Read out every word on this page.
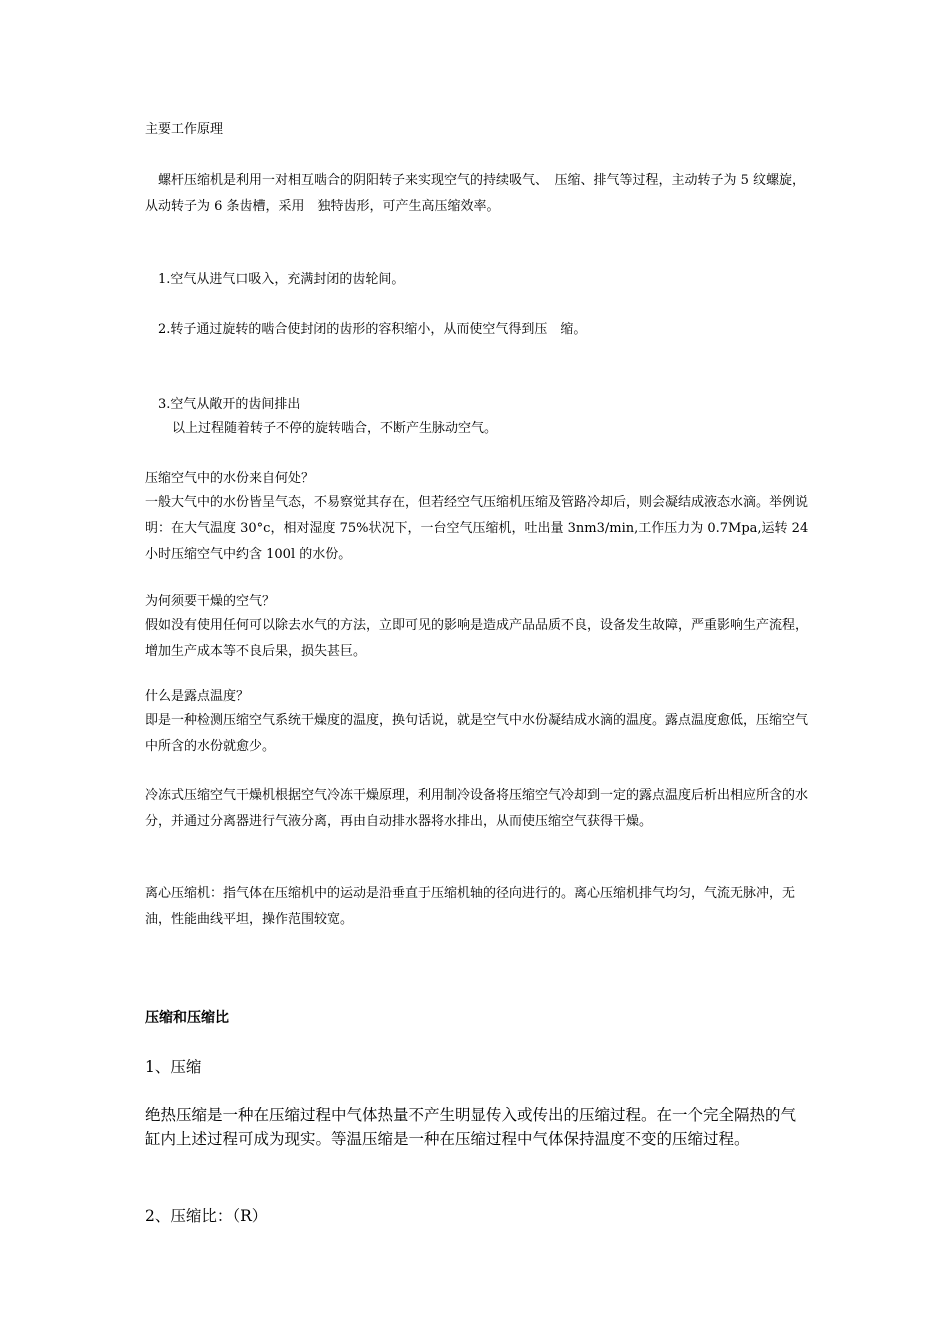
主要工作原理

螺杆压缩机是利用一对相互啮合的阴阳转子来实现空气的持续吸气、　压缩、排气等过程，主动转子为 5 纹螺旋，从动转子为 6 条齿槽，采用　独特齿形，可产生高压缩效率。

1.空气从进气口吸入，充满封闭的齿轮间。

2.转子通过旋转的啮合使封闭的齿形的容积缩小，从而使空气得到压　缩。

3.空气从敞开的齿间排出

以上过程随着转子不停的旋转啮合，不断产生脉动空气。

压缩空气中的水份来自何处？

一般大气中的水份皆呈气态，不易察觉其存在，但若经空气压缩机压缩及管路冷却后，则会凝结成液态水滴。举例说明：在大气温度 30°c，相对湿度 75%状况下，一台空气压缩机，吐出量 3nm3/min,工作压力为 0.7Mpa,运转 24 小时压缩空气中约含 100l 的水份。

为何须要干燥的空气？

假如没有使用任何可以除去水气的方法，立即可见的影响是造成产品品质不良，设备发生故障，严重影响生产流程，增加生产成本等不良后果，损失甚巨。

什么是露点温度？

即是一种检测压缩空气系统干燥度的温度，换句话说，就是空气中水份凝结成水滴的温度。露点温度愈低，压缩空气中所含的水份就愈少。

冷冻式压缩空气干燥机根据空气冷冻干燥原理，利用制冷设备将压缩空气冷却到一定的露点温度后析出相应所含的水分，并通过分离器进行气液分离，再由自动排水器将水排出，从而使压缩空气获得干燥。

离心压缩机：指气体在压缩机中的运动是沿垂直于压缩机轴的径向进行的。离心压缩机排气均匀，气流无脉冲，无油，性能曲线平坦，操作范围较宽。

压缩和压缩比

1、压缩

绝热压缩是一种在压缩过程中气体热量不产生明显传入或传出的压缩过程。在一个完全隔热的气缸内上述过程可成为现实。等温压缩是一种在压缩过程中气体保持温度不变的压缩过程。

2、压缩比：（R）
